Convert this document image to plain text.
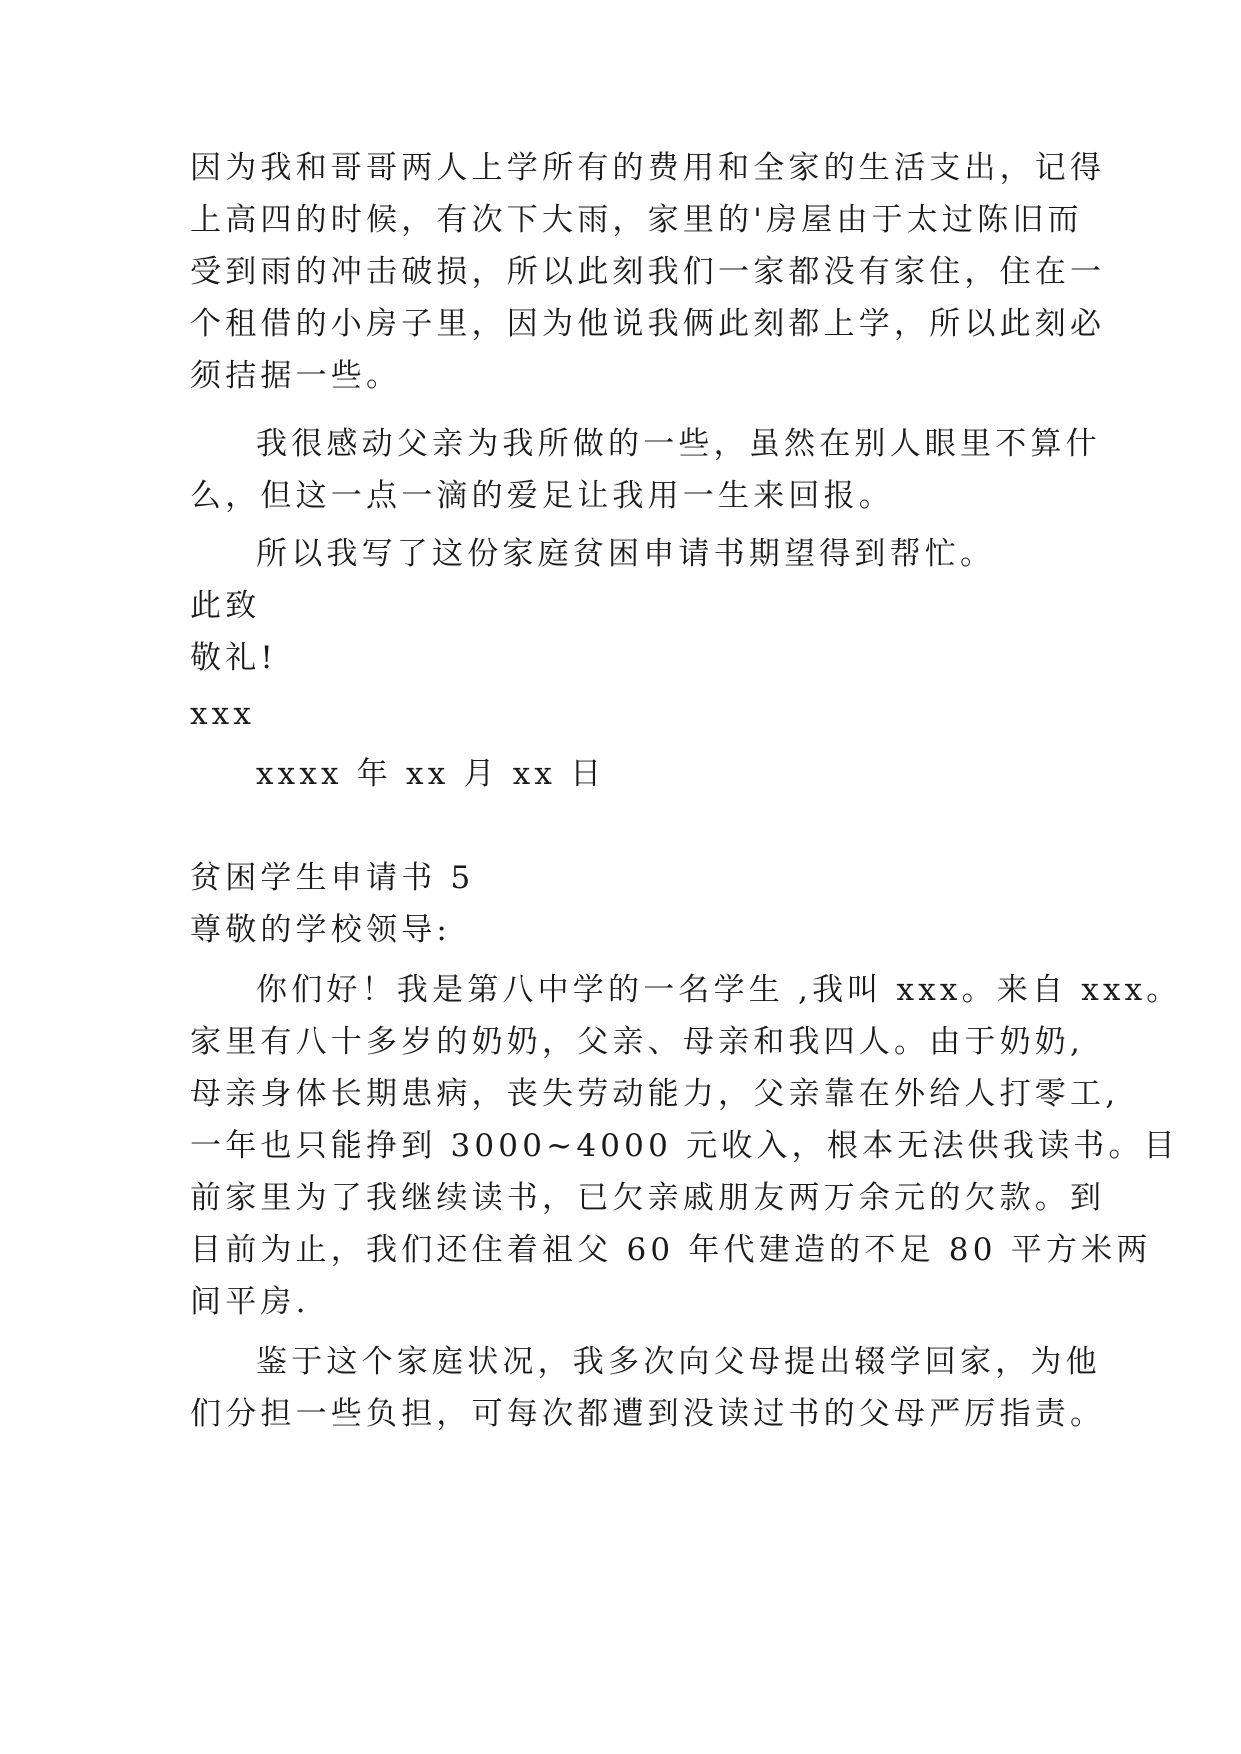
因为我和哥哥两人上学所有的费用和全家的生活支出，记得
上高四的时候，有次下大雨，家里的'房屋由于太过陈旧而
受到雨的冲击破损，所以此刻我们一家都没有家住，住在一
个租借的小房子里，因为他说我俩此刻都上学，所以此刻必
须拮据一些。
我很感动父亲为我所做的一些，虽然在别人眼里不算什
么，但这一点一滴的爱足让我用一生来回报。
所以我写了这份家庭贫困申请书期望得到帮忙。
此致
敬礼!
xxx
xxxx 年 xx 月 xx 日
贫困学生申请书 5
尊敬的学校领导:
你们好！我是第八中学的一名学生 ,我叫 xxx。来自 xxx。
家里有八十多岁的奶奶，父亲、母亲和我四人。由于奶奶,
母亲身体长期患病，丧失劳动能力，父亲靠在外给人打零工,
一年也只能挣到 3000~4000 元收入，根本无法供我读书。目
前家里为了我继续读书，已欠亲戚朋友两万余元的欠款。到
目前为止，我们还住着祖父 60 年代建造的不足 80 平方米两
间平房.
鉴于这个家庭状况，我多次向父母提出辍学回家，为他
们分担一些负担，可每次都遭到没读过书的父母严厉指责。
